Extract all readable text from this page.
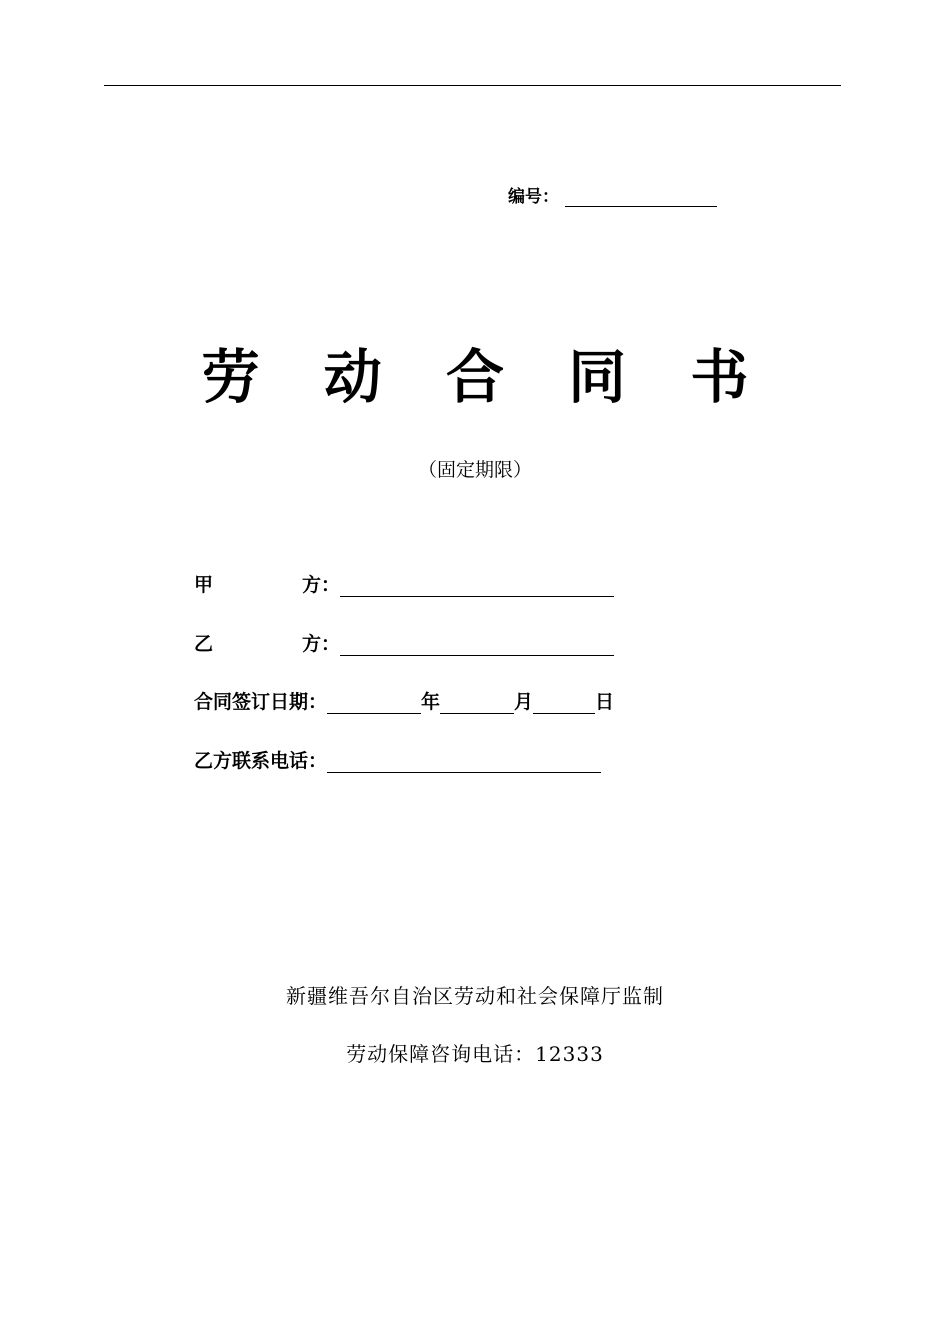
编号：
劳 动 合 同 书
（固定期限）
甲	方：
乙	方：
合同签订日期：	年	月	日
乙方联系电话：
新疆维吾尔自治区劳动和社会保障厅监制
劳动保障咨询电话：12333
